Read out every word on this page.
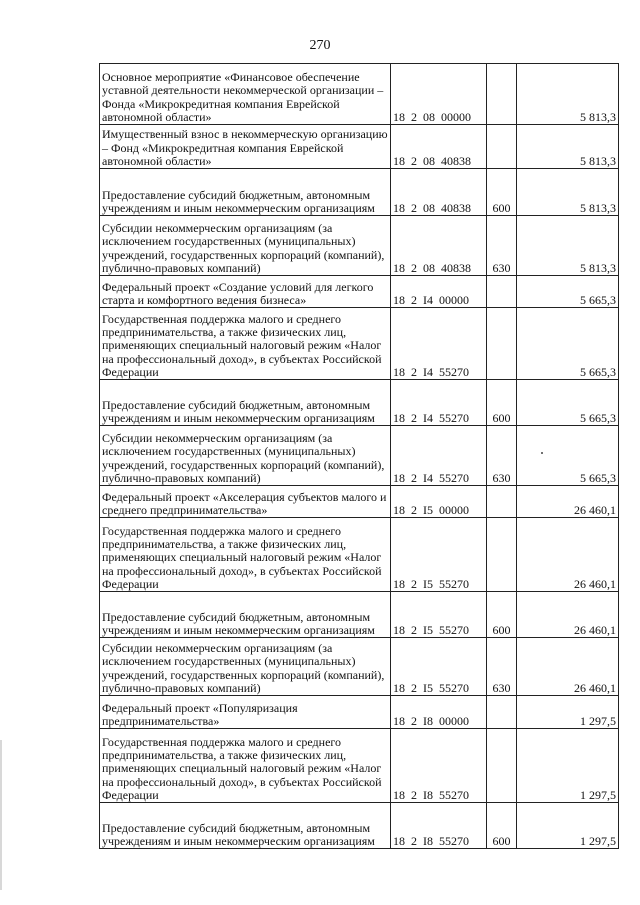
270
Основное мероприятие «Финансовое обеспечение уставной деятельности некоммерческой организации – Фонда «Микрокредитная компания Еврейской автономной области»	18 2 08 00000		5 813,3
Имущественный взнос в некоммерческую организацию – Фонд «Микрокредитная компания Еврейской автономной области»	18 2 08 40838		5 813,3
Предоставление субсидий бюджетным, автономным учреждениям и иным некоммерческим организациям	18 2 08 40838	600	5 813,3
Субсидии некоммерческим организациям (за исключением государственных (муниципальных) учреждений, государственных корпораций (компаний), публично-правовых компаний)	18 2 08 40838	630	5 813,3
Федеральный проект «Создание условий для легкого старта и комфортного ведения бизнеса»	18 2 I4 00000		5 665,3
Государственная поддержка малого и среднего предпринимательства, а также физических лиц, применяющих специальный налоговый режим «Налог на профессиональный доход», в субъектах Российской Федерации	18 2 I4 55270		5 665,3
Предоставление субсидий бюджетным, автономным учреждениям и иным некоммерческим организациям	18 2 I4 55270	600	5 665,3
Субсидии некоммерческим организациям (за исключением государственных (муниципальных) учреждений, государственных корпораций (компаний), публично-правовых компаний)	18 2 I4 55270	630	5 665,3
Федеральный проект «Акселерация субъектов малого и среднего предпринимательства»	18 2 I5 00000		26 460,1
Государственная поддержка малого и среднего предпринимательства, а также физических лиц, применяющих специальный налоговый режим «Налог на профессиональный доход», в субъектах Российской Федерации	18 2 I5 55270		26 460,1
Предоставление субсидий бюджетным, автономным учреждениям и иным некоммерческим организациям	18 2 I5 55270	600	26 460,1
Субсидии некоммерческим организациям (за исключением государственных (муниципальных) учреждений, государственных корпораций (компаний), публично-правовых компаний)	18 2 I5 55270	630	26 460,1
Федеральный проект «Популяризация предпринимательства»	18 2 I8 00000		1 297,5
Государственная поддержка малого и среднего предпринимательства, а также физических лиц, применяющих специальный налоговый режим «Налог на профессиональный доход», в субъектах Российской Федерации	18 2 I8 55270		1 297,5
Предоставление субсидий бюджетным, автономным учреждениям и иным некоммерческим организациям	18 2 I8 55270	600	1 297,5
